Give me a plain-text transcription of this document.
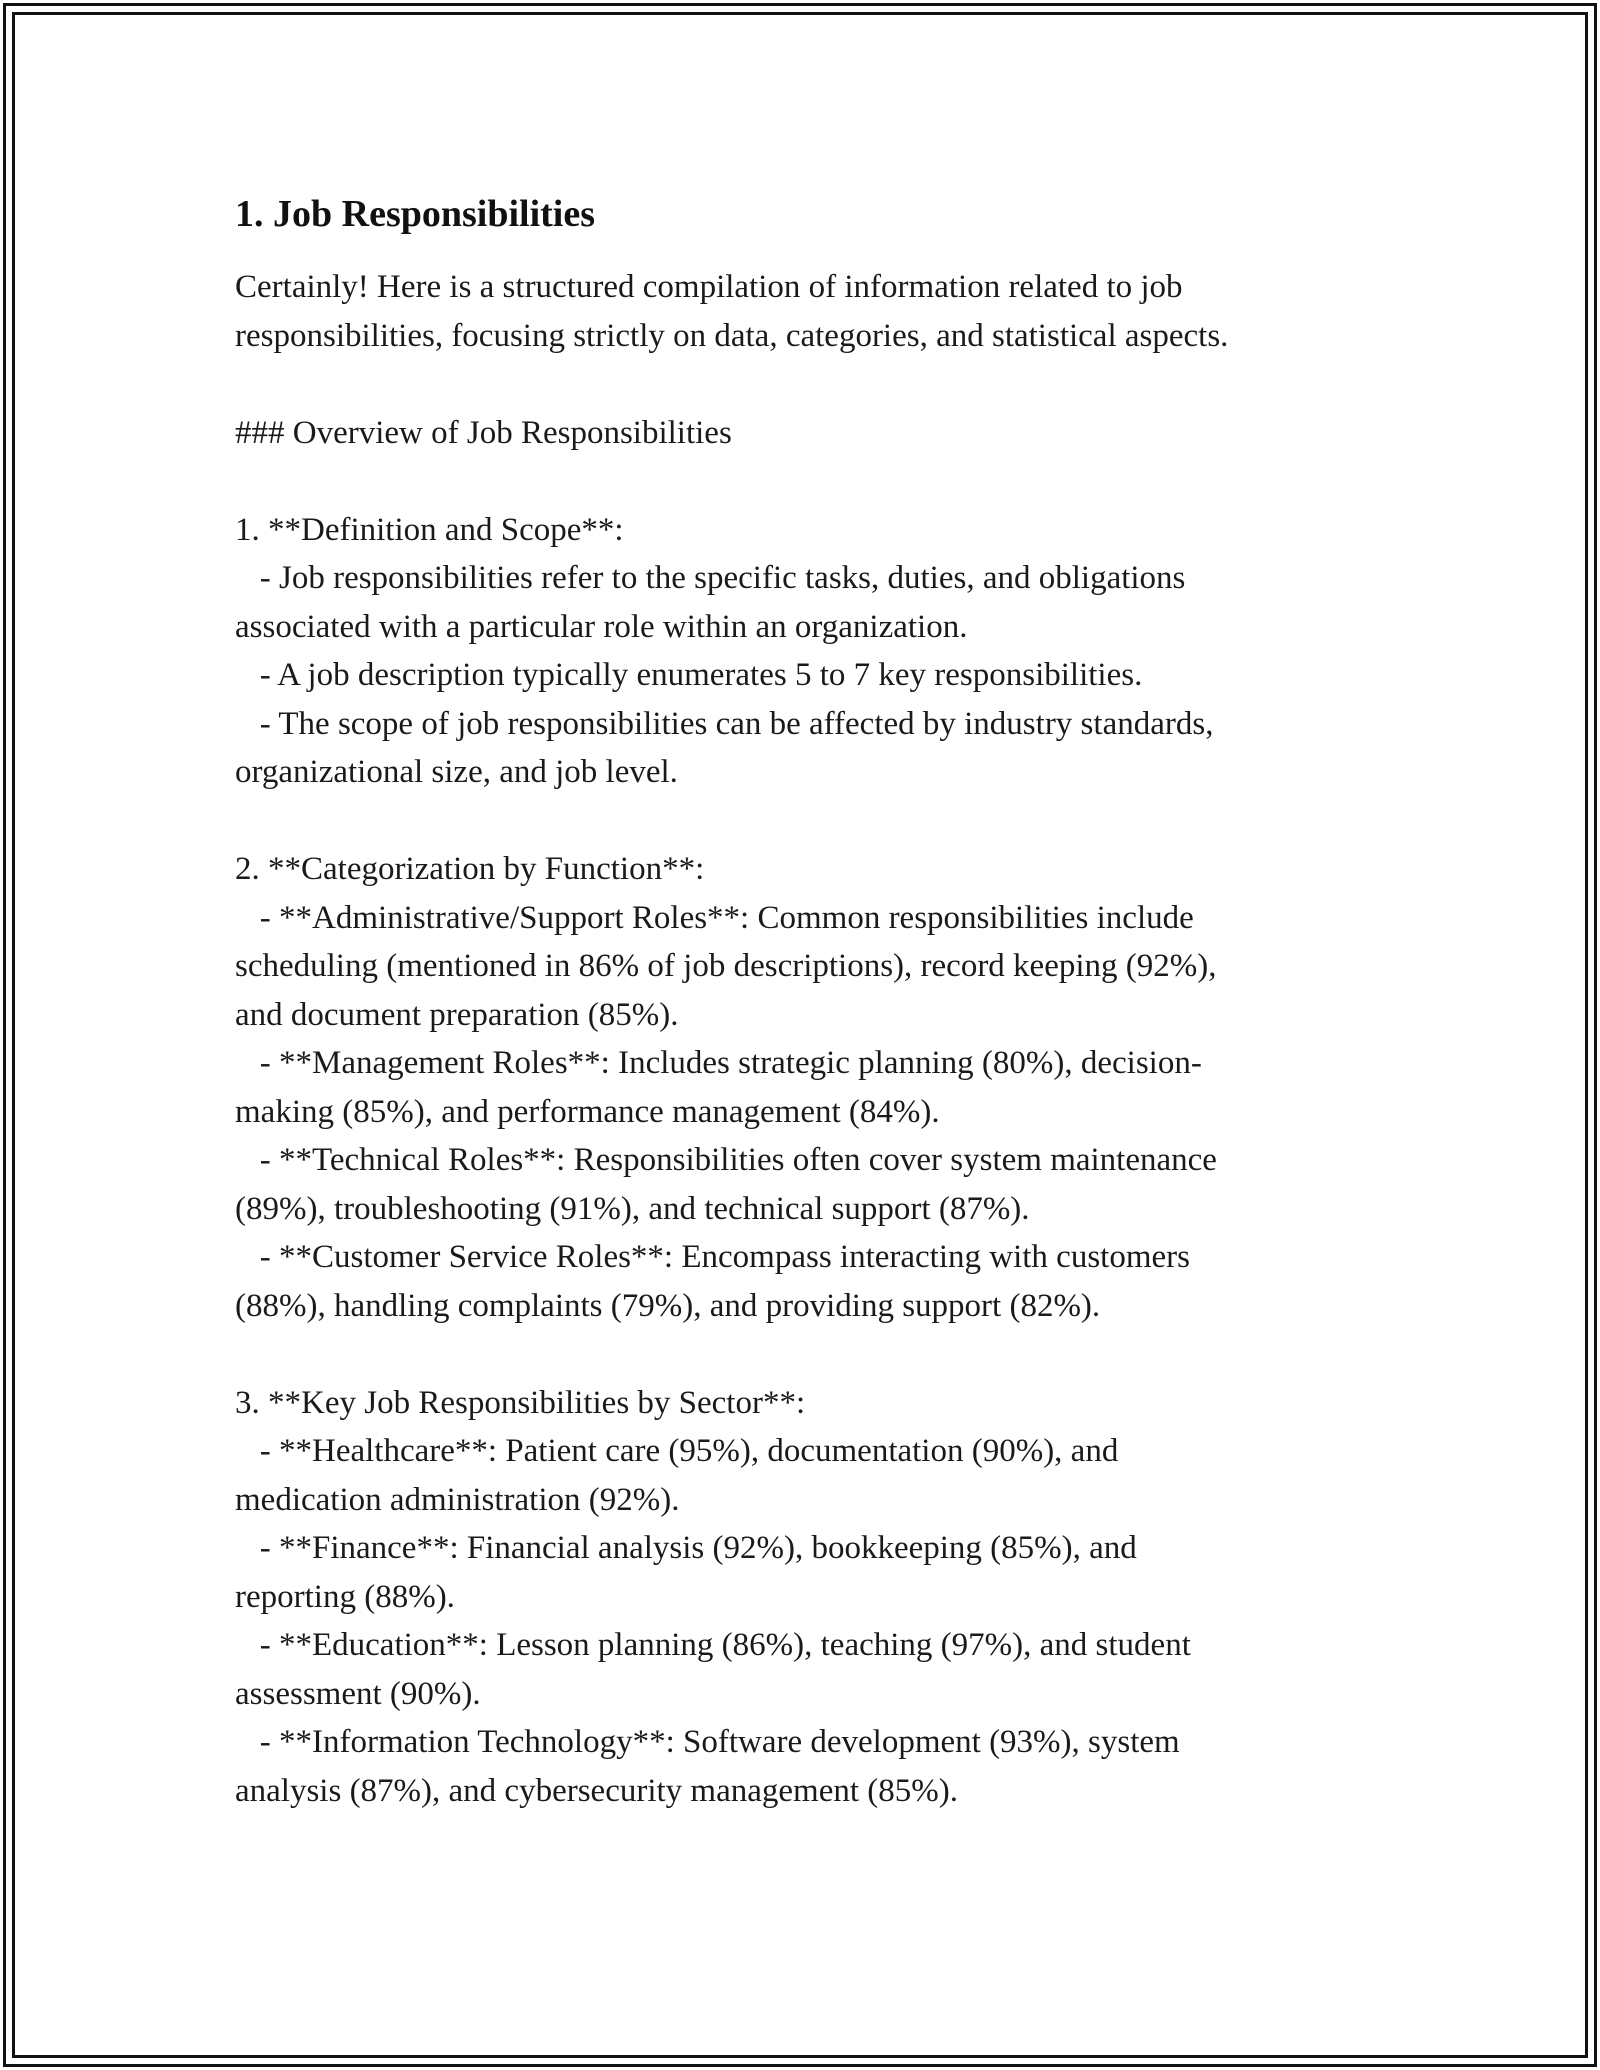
1. Job Responsibilities
Certainly! Here is a structured compilation of information related to job
responsibilities, focusing strictly on data, categories, and statistical aspects.

### Overview of Job Responsibilities

1. **Definition and Scope**:
- Job responsibilities refer to the specific tasks, duties, and obligations
associated with a particular role within an organization.
- A job description typically enumerates 5 to 7 key responsibilities.
- The scope of job responsibilities can be affected by industry standards,
organizational size, and job level.

2. **Categorization by Function**:
- **Administrative/Support Roles**: Common responsibilities include
scheduling (mentioned in 86% of job descriptions), record keeping (92%),
and document preparation (85%).
- **Management Roles**: Includes strategic planning (80%), decision-
making (85%), and performance management (84%).
- **Technical Roles**: Responsibilities often cover system maintenance
(89%), troubleshooting (91%), and technical support (87%).
- **Customer Service Roles**: Encompass interacting with customers
(88%), handling complaints (79%), and providing support (82%).

3. **Key Job Responsibilities by Sector**:
- **Healthcare**: Patient care (95%), documentation (90%), and
medication administration (92%).
- **Finance**: Financial analysis (92%), bookkeeping (85%), and
reporting (88%).
- **Education**: Lesson planning (86%), teaching (97%), and student
assessment (90%).
- **Information Technology**: Software development (93%), system
analysis (87%), and cybersecurity management (85%).
